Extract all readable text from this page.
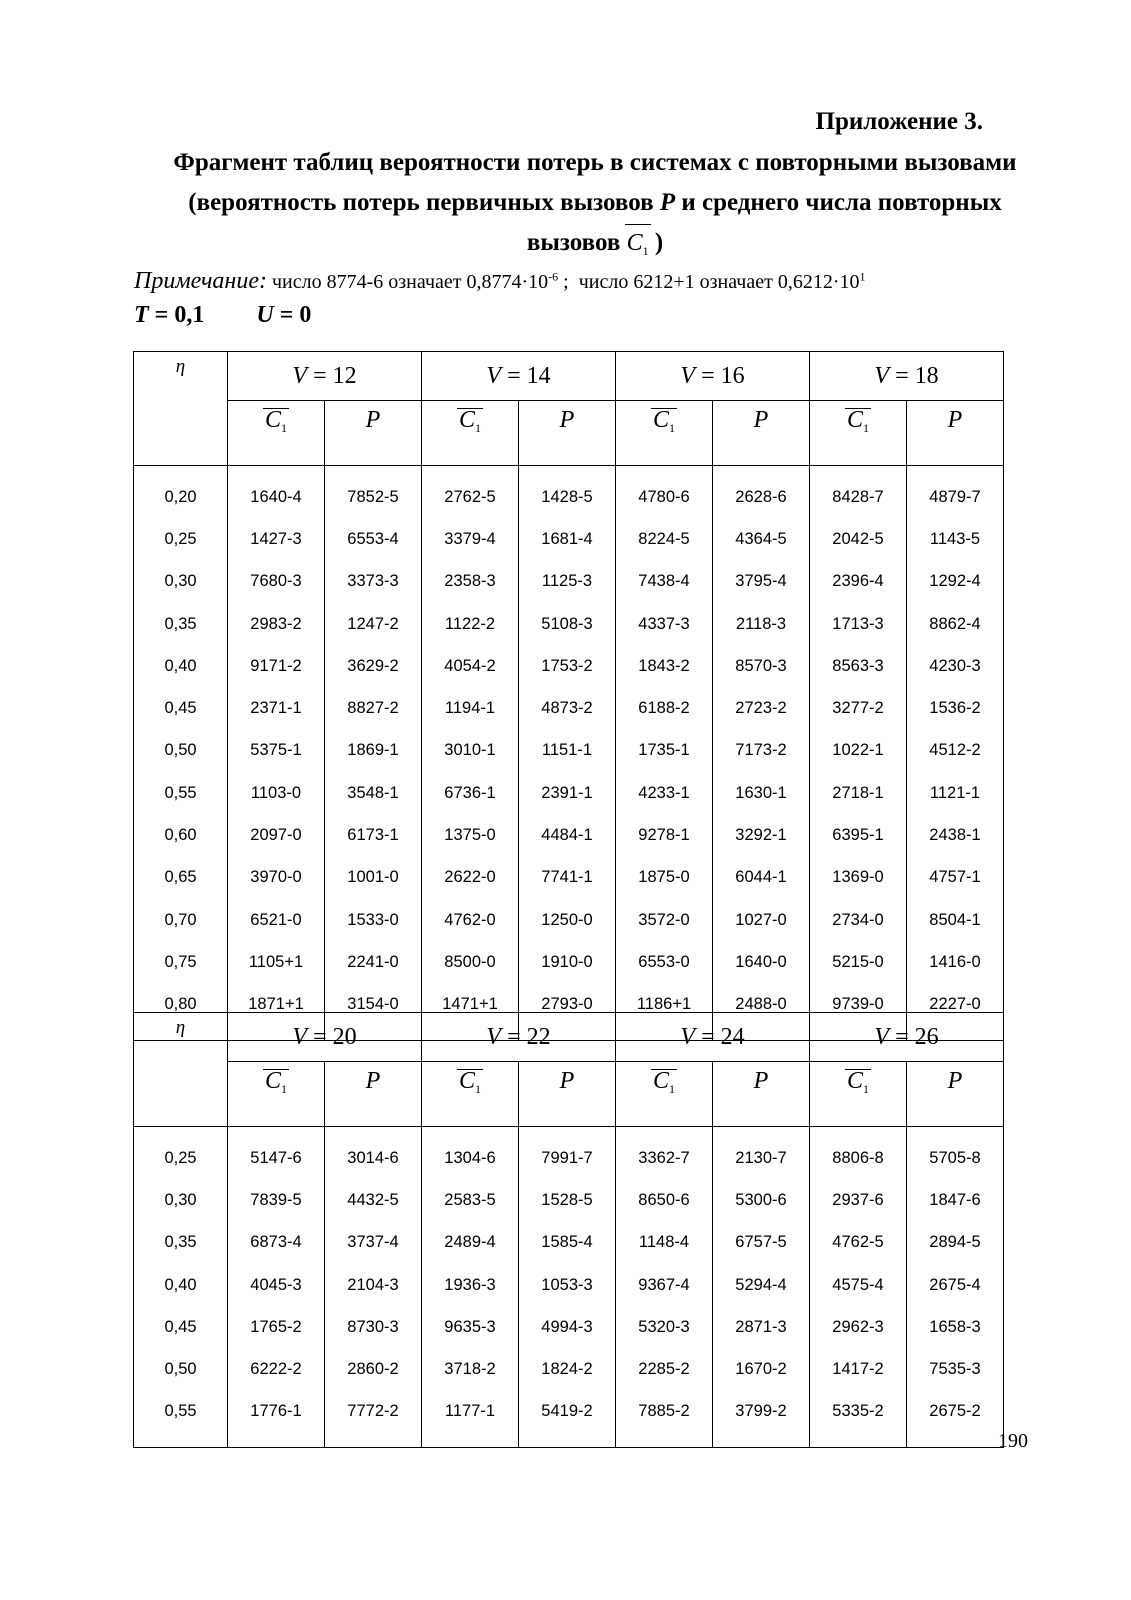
Приложение 3.
Фрагмент таблиц вероятности потерь в системах с повторными вызовами
(вероятность потерь первичных вызовов P и среднего числа повторных
вызовов $C_1$ )
Примечание: число 8774-6 означает $0,8774\cdot 10^{-6}$ ;  число 6212+1 означает $0,6212\cdot 10^1$
T = 0,1 U = 0
η	V = 12		V = 14		V = 16		V = 18	

$C_1$	P	$C_1$	P	$C_1$	P	$C_1$	P
0,20	1640-4	7852-5	2762-5	1428-5	4780-6	2628-6	8428-7	4879-7
0,25	1427-3	6553-4	3379-4	1681-4	8224-5	4364-5	2042-5	1143-5
0,30	7680-3	3373-3	2358-3	1125-3	7438-4	3795-4	2396-4	1292-4
0,35	2983-2	1247-2	1122-2	5108-3	4337-3	2118-3	1713-3	8862-4
0,40	9171-2	3629-2	4054-2	1753-2	1843-2	8570-3	8563-3	4230-3
0,45	2371-1	8827-2	1194-1	4873-2	6188-2	2723-2	3277-2	1536-2
0,50	5375-1	1869-1	3010-1	1151-1	1735-1	7173-2	1022-1	4512-2
0,55	1103-0	3548-1	6736-1	2391-1	4233-1	1630-1	2718-1	1121-1
0,60	2097-0	6173-1	1375-0	4484-1	9278-1	3292-1	6395-1	2438-1
0,65	3970-0	1001-0	2622-0	7741-1	1875-0	6044-1	1369-0	4757-1
0,70	6521-0	1533-0	4762-0	1250-0	3572-0	1027-0	2734-0	8504-1
0,75	1105+1	2241-0	8500-0	1910-0	6553-0	1640-0	5215-0	1416-0
0,80	1871+1	3154-0	1471+1	2793-0	1186+1	2488-0	9739-0	2227-0
η	V = 20		V = 22		V = 24		V = 26	

$C_1$	P	$C_1$	P	$C_1$	P	$C_1$	P
0,25	5147-6	3014-6	1304-6	7991-7	3362-7	2130-7	8806-8	5705-8
0,30	7839-5	4432-5	2583-5	1528-5	8650-6	5300-6	2937-6	1847-6
0,35	6873-4	3737-4	2489-4	1585-4	1148-4	6757-5	4762-5	2894-5
0,40	4045-3	2104-3	1936-3	1053-3	9367-4	5294-4	4575-4	2675-4
0,45	1765-2	8730-3	9635-3	4994-3	5320-3	2871-3	2962-3	1658-3
0,50	6222-2	2860-2	3718-2	1824-2	2285-2	1670-2	1417-2	7535-3
0,55	1776-1	7772-2	1177-1	5419-2	7885-2	3799-2	5335-2	2675-2
190
